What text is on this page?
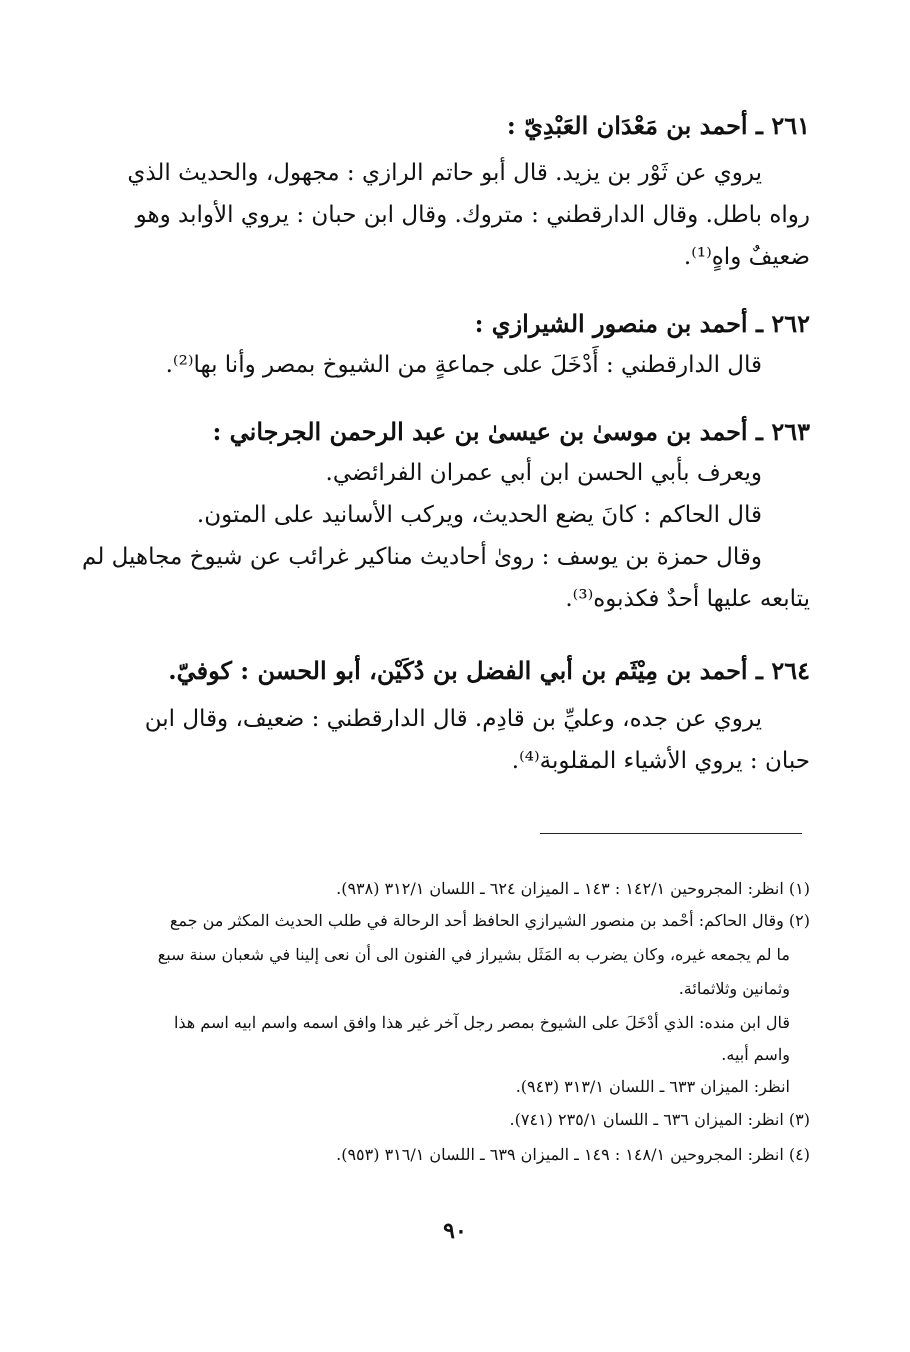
٢٦١ ـ أحمد بن مَعْدَان العَبْدِيّ :
يروي عن ثَوْر بن يزيد. قال أبو حاتم الرازي : مجهول، والحديث الذي
رواه باطل. وقال الدارقطني : متروك. وقال ابن حبان : يروي الأوابد وهو
ضعيفٌ واهٍ⁽¹⁾.
٢٦٢ ـ أحمد بن منصور الشيرازي :
قال الدارقطني : أَدْخَلَ على جماعةٍ من الشيوخ بمصر وأنا بها⁽²⁾.
٢٦٣ ـ أحمد بن موسىٰ بن عيسىٰ بن عبد الرحمن الجرجاني :
ويعرف بأبي الحسن ابن أبي عمران الفرائضي.
قال الحاكم : كانَ يضع الحديث، ويركب الأسانيد على المتون.
وقال حمزة بن يوسف : روىٰ أحاديث مناكير غرائب عن شيوخ مجاهيل لم
يتابعه عليها أحدٌ فكذبوه⁽³⁾.
٢٦٤ ـ أحمد بن مِيْثَم بن أبي الفضل بن دُكَيْن، أبو الحسن : كوفيّ.
يروي عن جده، وعليِّ بن قادِم. قال الدارقطني : ضعيف، وقال ابن
حبان : يروي الأشياء المقلوبة⁽⁴⁾.
(١) انظر: المجروحين ١٤٢/١ : ١٤٣ ـ الميزان ٦٢٤ ـ اللسان ٣١٢/١ (٩٣٨).
(٢) وقال الحاكم: أحْمد بن منصور الشيرازي الحافظ أحد الرحالة في طلب الحديث المكثر من جمع
ما لم يجمعه غيره، وكان يضرب به المَثَل بشيراز في الفنون الى أن نعى إلينا في شعبان سنة سبع
وثمانين وثلاثمائة.
قال ابن منده: الذي أدْخَلَ على الشيوخ بمصر رجل آخر غير هذا وافق اسمه واسم ابيه اسم هذا
واسم أبيه.
انظر: الميزان ٦٣٣ ـ اللسان ٣١٣/١ (٩٤٣).
(٣) انظر: الميزان ٦٣٦ ـ اللسان ٢٣٥/١ (٧٤١).
(٤) انظر: المجروحين ١٤٨/١ : ١٤٩ ـ الميزان ٦٣٩ ـ اللسان ٣١٦/١ (٩٥٣).
٩٠
